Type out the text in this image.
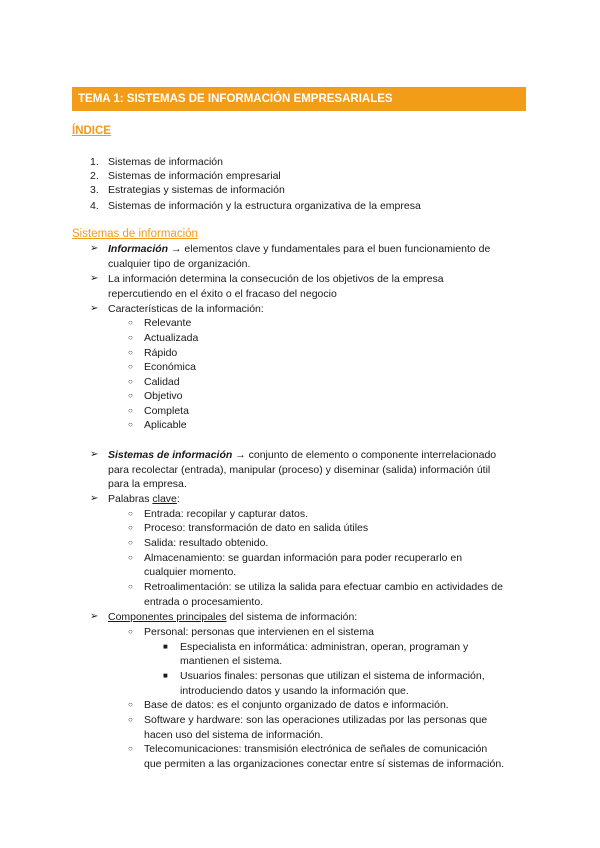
TEMA 1: SISTEMAS DE INFORMACIÓN EMPRESARIALES
ÍNDICE
1. Sistemas de información
2. Sistemas de información empresarial
3. Estrategias y sistemas de información
4. Sistemas de información y la estructura organizativa de la empresa
Sistemas de información
➢ Información → elementos clave y fundamentales para el buen funcionamiento de
cualquier tipo de organización.
➢ La información determina la consecución de los objetivos de la empresa
repercutiendo en el éxito o el fracaso del negocio
➢ Características de la información:
○ Relevante
○ Actualizada
○ Rápido
○ Económica
○ Calidad
○ Objetivo
○ Completa
○ Aplicable
➢ Sistemas de información → conjunto de elemento o componente interrelacionado
para recolectar (entrada), manipular (proceso) y diseminar (salida) información útil
para la empresa.
➢ Palabras clave:
○ Entrada: recopilar y capturar datos.
○ Proceso: transformación de dato en salida útiles
○ Salida: resultado obtenido.
○ Almacenamiento: se guardan información para poder recuperarlo en
cualquier momento.
○ Retroalimentación: se utiliza la salida para efectuar cambio en actividades de
entrada o procesamiento.
➢ Componentes principales del sistema de información:
○ Personal: personas que intervienen en el sistema
■ Especialista en informática: administran, operan, programan y
mantienen el sistema.
■ Usuarios finales: personas que utilizan el sistema de información,
introduciendo datos y usando la información que.
○ Base de datos: es el conjunto organizado de datos e información.
○ Software y hardware: son las operaciones utilizadas por las personas que
hacen uso del sistema de información.
○ Telecomunicaciones: transmisión electrónica de señales de comunicación
que permiten a las organizaciones conectar entre sí sistemas de información.
